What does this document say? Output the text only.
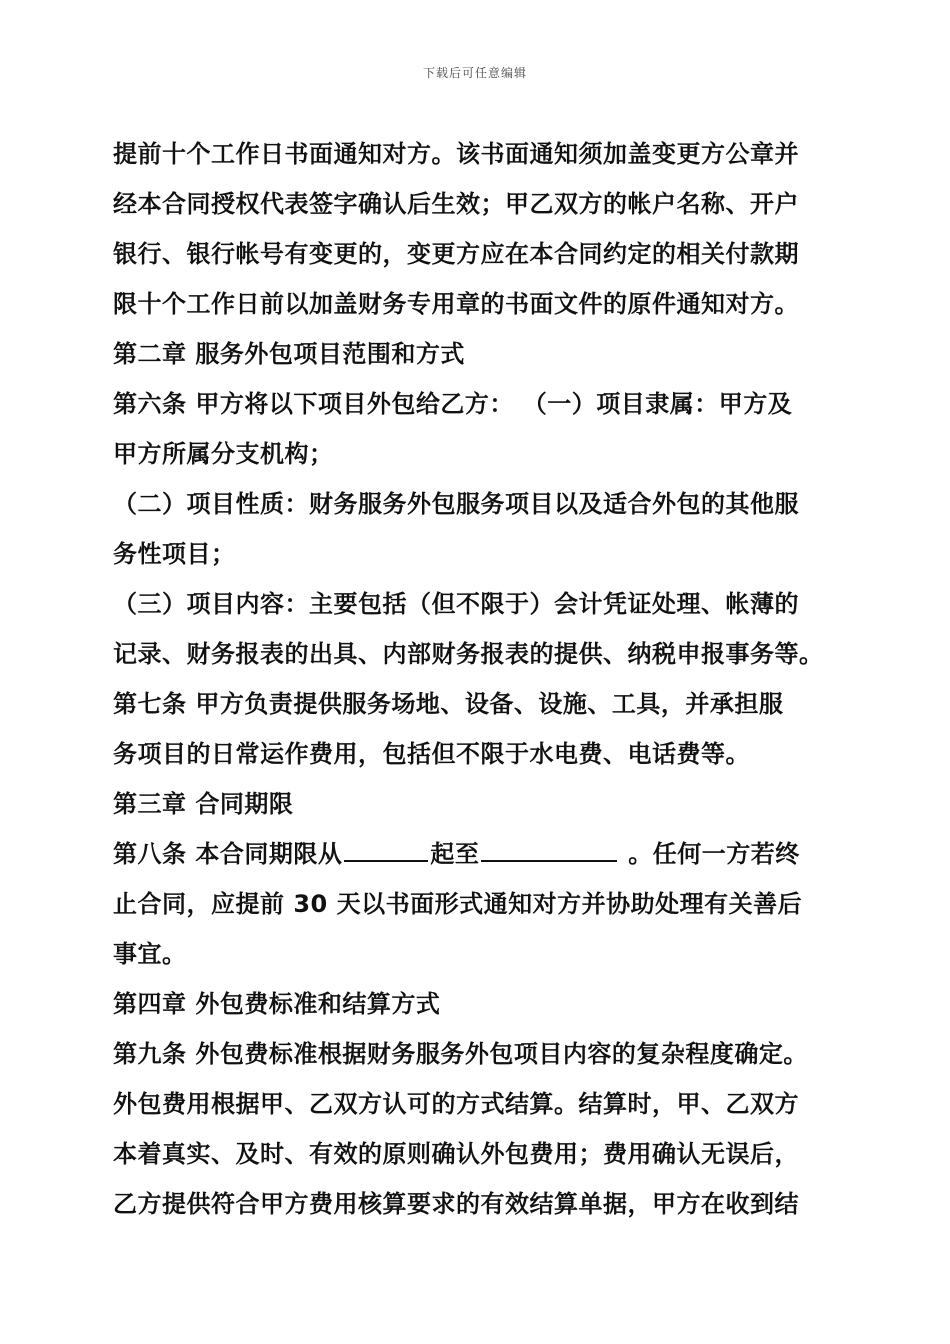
下载后可任意编辑
提前十个工作日书面通知对方。该书面通知须加盖变更方公章并
经本合同授权代表签字确认后生效；甲乙双方的帐户名称、开户
银行、银行帐号有变更的，变更方应在本合同约定的相关付款期
限十个工作日前以加盖财务专用章的书面文件的原件通知对方。
第二章 服务外包项目范围和方式
第六条 甲方将以下项目外包给乙方： （一）项目隶属：甲方及
甲方所属分支机构；
（二）项目性质：财务服务外包服务项目以及适合外包的其他服
务性项目；
（三）项目内容：主要包括（但不限于）会计凭证处理、帐薄的
记录、财务报表的出具、内部财务报表的提供、纳税申报事务等。
第七条 甲方负责提供服务场地、设备、设施、工具，并承担服
务项目的日常运作费用，包括但不限于水电费、电话费等。
第三章 合同期限
第八条 本合同期限从	起至	。任何一方若终
止合同，应提前 30 天以书面形式通知对方并协助处理有关善后
事宜。
第四章 外包费标准和结算方式
第九条 外包费标准根据财务服务外包项目内容的复杂程度确定。
外包费用根据甲、乙双方认可的方式结算。结算时，甲、乙双方
本着真实、及时、有效的原则确认外包费用；费用确认无误后，
乙方提供符合甲方费用核算要求的有效结算单据，甲方在收到结
